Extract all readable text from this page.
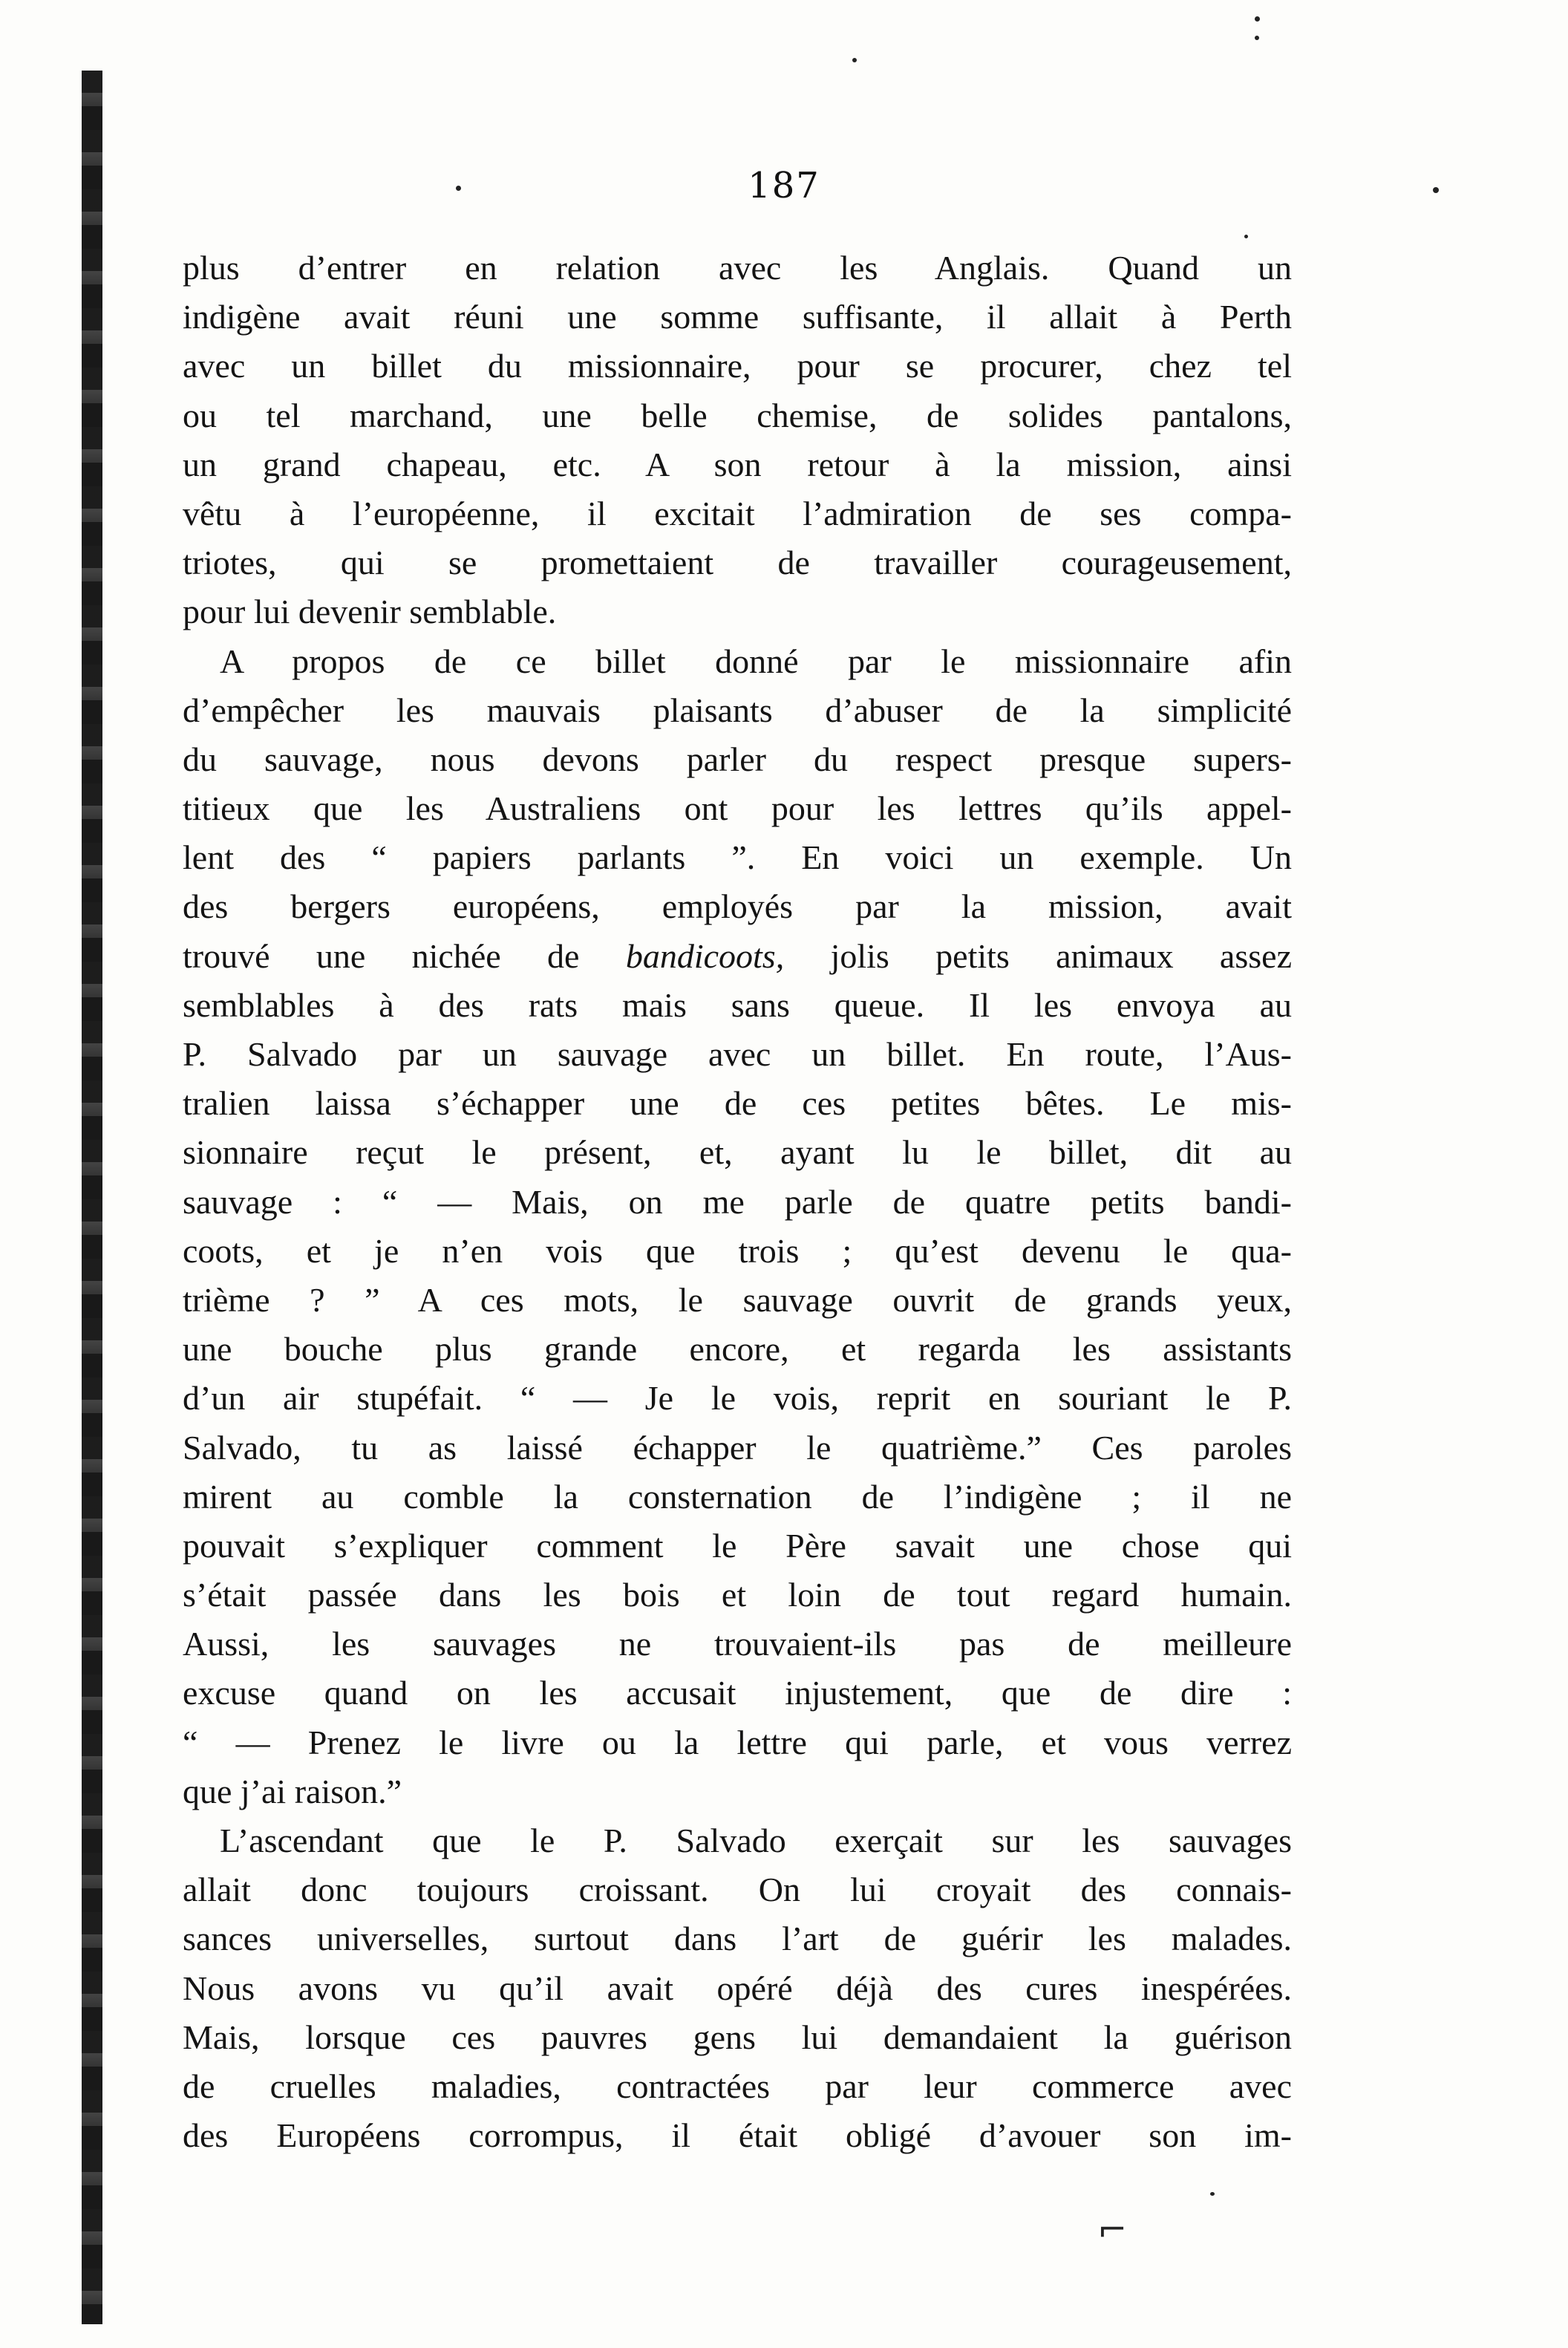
187
plus d’entrer en relation avec les Anglais. Quand un
indigène avait réuni une somme suffisante, il allait à Perth
avec un billet du missionnaire, pour se procurer, chez tel
ou tel marchand, une belle chemise, de solides pantalons,
un grand chapeau, etc. A son retour à la mission, ainsi
vêtu à l’européenne, il excitait l’admiration de ses compa-
triotes, qui se promettaient de travailler courageusement,
pour lui devenir semblable.
A propos de ce billet donné par le missionnaire afin
d’empêcher les mauvais plaisants d’abuser de la simplicité
du sauvage, nous devons parler du respect presque supers-
titieux que les Australiens ont pour les lettres qu’ils appel-
lent des “ papiers parlants ”. En voici un exemple. Un
des bergers européens, employés par la mission, avait
trouvé une nichée de bandicoots, jolis petits animaux assez
semblables à des rats mais sans queue. Il les envoya au
P. Salvado par un sauvage avec un billet. En route, l’Aus-
tralien laissa s’échapper une de ces petites bêtes. Le mis-
sionnaire reçut le présent, et, ayant lu le billet, dit au
sauvage : “ — Mais, on me parle de quatre petits bandi-
coots, et je n’en vois que trois ; qu’est devenu le qua-
trième ? ” A ces mots, le sauvage ouvrit de grands yeux,
une bouche plus grande encore, et regarda les assistants
d’un air stupéfait. “ — Je le vois, reprit en souriant le P.
Salvado, tu as laissé échapper le quatrième.” Ces paroles
mirent au comble la consternation de l’indigène ; il ne
pouvait s’expliquer comment le Père savait une chose qui
s’était passée dans les bois et loin de tout regard humain.
Aussi, les sauvages ne trouvaient-ils pas de meilleure
excuse quand on les accusait injustement, que de dire :
“ — Prenez le livre ou la lettre qui parle, et vous verrez
que j’ai raison.”
L’ascendant que le P. Salvado exerçait sur les sauvages
allait donc toujours croissant. On lui croyait des connais-
sances universelles, surtout dans l’art de guérir les malades.
Nous avons vu qu’il avait opéré déjà des cures inespérées.
Mais, lorsque ces pauvres gens lui demandaient la guérison
de cruelles maladies, contractées par leur commerce avec
des Européens corrompus, il était obligé d’avouer son im-
⌐
